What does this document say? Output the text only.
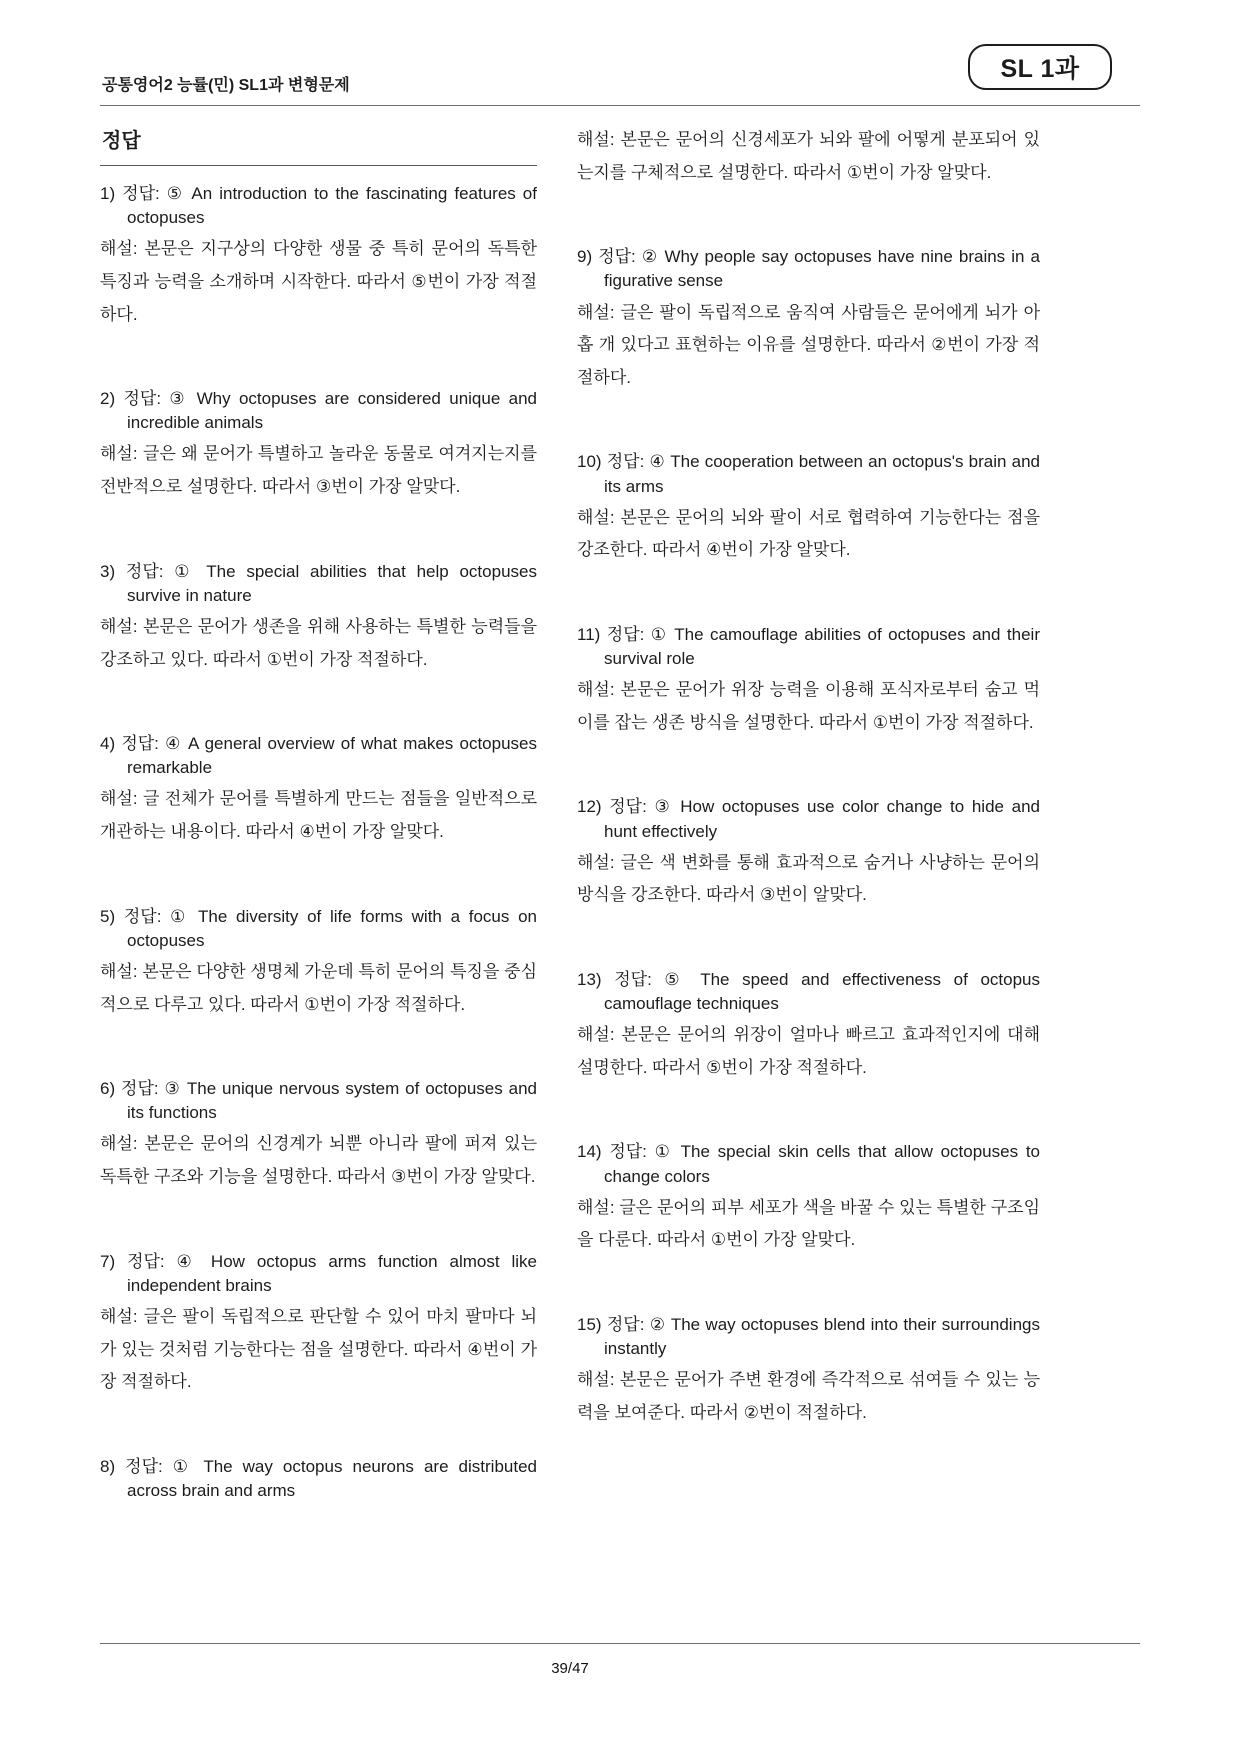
공통영어2 능률(민) SL1과 변형문제
SL 1과
정답

1) 정답: ⑤ An introduction to the fascinating features of octopuses

해설: 본문은 지구상의 다양한 생물 중 특히 문어의 독특한 특징과 능력을 소개하며 시작한다. 따라서 ⑤번이 가장 적절하다.

2) 정답: ③ Why octopuses are considered unique and incredible animals

해설: 글은 왜 문어가 특별하고 놀라운 동물로 여겨지는지를 전반적으로 설명한다. 따라서 ③번이 가장 알맞다.

3) 정답: ① The special abilities that help octopuses survive in nature

해설: 본문은 문어가 생존을 위해 사용하는 특별한 능력들을 강조하고 있다. 따라서 ①번이 가장 적절하다.

4) 정답: ④ A general overview of what makes octopuses remarkable

해설: 글 전체가 문어를 특별하게 만드는 점들을 일반적으로 개관하는 내용이다. 따라서 ④번이 가장 알맞다.

5) 정답: ① The diversity of life forms with a focus on octopuses

해설: 본문은 다양한 생명체 가운데 특히 문어의 특징을 중심적으로 다루고 있다. 따라서 ①번이 가장 적절하다.

6) 정답: ③ The unique nervous system of octopuses and its functions

해설: 본문은 문어의 신경계가 뇌뿐 아니라 팔에 퍼져 있는 독특한 구조와 기능을 설명한다. 따라서 ③번이 가장 알맞다.

7) 정답: ④ How octopus arms function almost like independent brains

해설: 글은 팔이 독립적으로 판단할 수 있어 마치 팔마다 뇌가 있는 것처럼 기능한다는 점을 설명한다. 따라서 ④번이 가장 적절하다.

8) 정답: ① The way octopus neurons are distributed across brain and arms

해설: 본문은 문어의 신경세포가 뇌와 팔에 어떻게 분포되어 있는지를 구체적으로 설명한다. 따라서 ①번이 가장 알맞다.

9) 정답: ② Why people say octopuses have nine brains in a figurative sense

해설: 글은 팔이 독립적으로 움직여 사람들은 문어에게 뇌가 아홉 개 있다고 표현하는 이유를 설명한다. 따라서 ②번이 가장 적절하다.

10) 정답: ④ The cooperation between an octopus's brain and its arms

해설: 본문은 문어의 뇌와 팔이 서로 협력하여 기능한다는 점을 강조한다. 따라서 ④번이 가장 알맞다.

11) 정답: ① The camouflage abilities of octopuses and their survival role

해설: 본문은 문어가 위장 능력을 이용해 포식자로부터 숨고 먹이를 잡는 생존 방식을 설명한다. 따라서 ①번이 가장 적절하다.

12) 정답: ③ How octopuses use color change to hide and hunt effectively

해설: 글은 색 변화를 통해 효과적으로 숨거나 사냥하는 문어의 방식을 강조한다. 따라서 ③번이 알맞다.

13) 정답: ⑤ The speed and effectiveness of octopus camouflage techniques

해설: 본문은 문어의 위장이 얼마나 빠르고 효과적인지에 대해 설명한다. 따라서 ⑤번이 가장 적절하다.

14) 정답: ① The special skin cells that allow octopuses to change colors

해설: 글은 문어의 피부 세포가 색을 바꿀 수 있는 특별한 구조임을 다룬다. 따라서 ①번이 가장 알맞다.

15) 정답: ② The way octopuses blend into their surroundings instantly

해설: 본문은 문어가 주변 환경에 즉각적으로 섞여들 수 있는 능력을 보여준다. 따라서 ②번이 적절하다.

39/47
